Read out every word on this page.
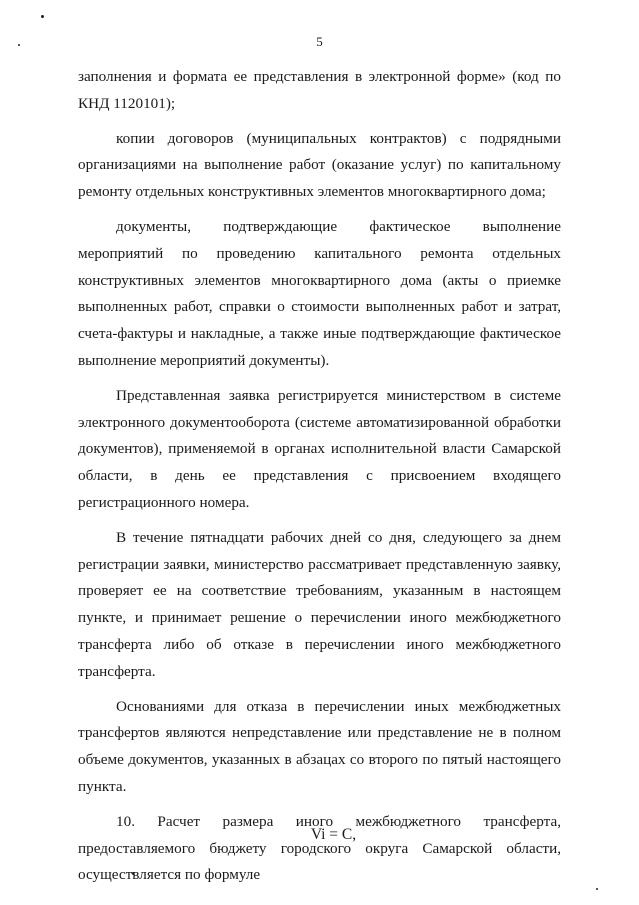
5

заполнения и формата ее представления в электронной форме» (код по КНД 1120101);

копии договоров (муниципальных контрактов) с подрядными организациями на выполнение работ (оказание услуг) по капитальному ремонту отдельных конструктивных элементов многоквартирного дома;

документы, подтверждающие фактическое выполнение мероприятий по проведению капитального ремонта отдельных конструктивных элементов многоквартирного дома (акты о приемке выполненных работ, справки о стоимости выполненных работ и затрат, счета-фактуры и накладные, а также иные подтверждающие фактическое выполнение мероприятий документы).

Представленная заявка регистрируется министерством в системе электронного документооборота (системе автоматизированной обработки документов), применяемой в органах исполнительной власти Самарской области, в день ее представления с присвоением входящего регистрационного номера.

В течение пятнадцати рабочих дней со дня, следующего за днем регистрации заявки, министерство рассматривает представленную заявку, проверяет ее на соответствие требованиям, указанным в настоящем пункте, и принимает решение о перечислении иного межбюджетного трансферта либо об отказе в перечислении иного межбюджетного трансферта.

Основаниями для отказа в перечислении иных межбюджетных трансфертов являются непредставление или представление не в полном объеме документов, указанных в абзацах со второго по пятый настоящего пункта.

10. Расчет размера иного межбюджетного трансферта, предоставляемого бюджету городского округа Самарской области, осуществляется по формуле

Vi = C,
